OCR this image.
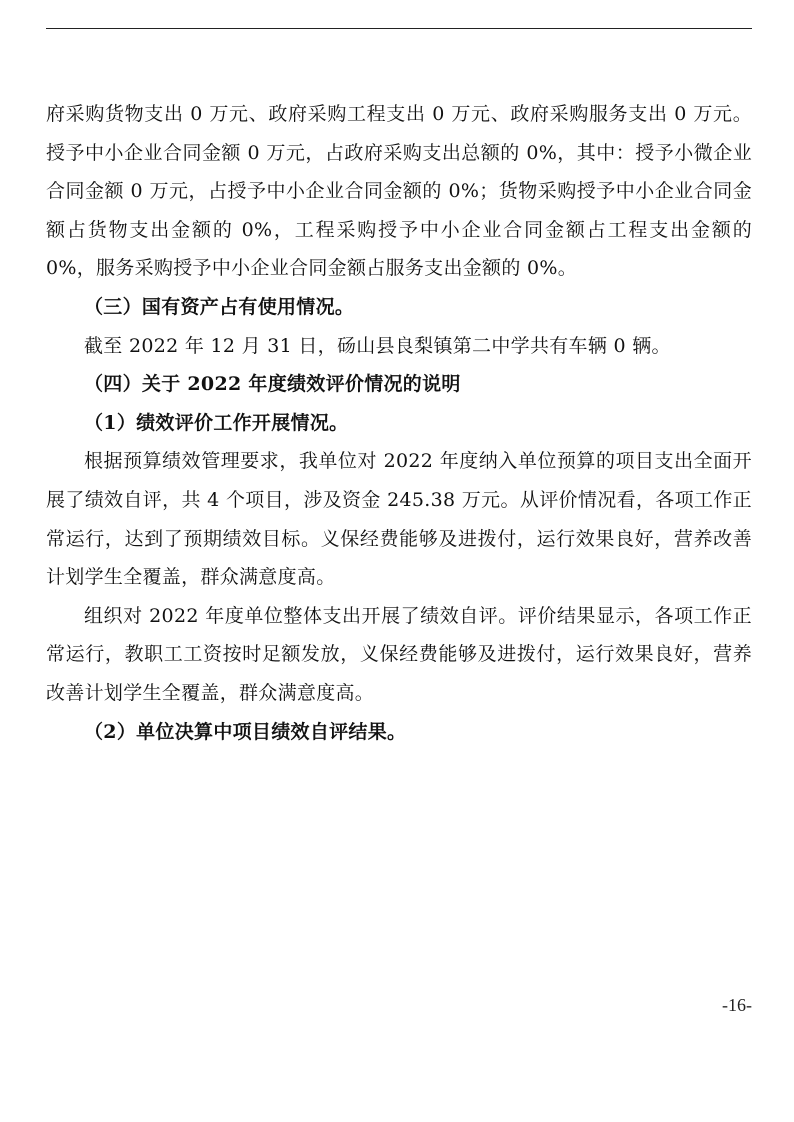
府采购货物支出 0 万元、政府采购工程支出 0 万元、政府采购服务支出 0 万元。授予中小企业合同金额 0 万元，占政府采购支出总额的 0%，其中：授予小微企业合同金额 0 万元，占授予中小企业合同金额的 0%；货物采购授予中小企业合同金额占货物支出金额的 0%，工程采购授予中小企业合同金额占工程支出金额的 0%，服务采购授予中小企业合同金额占服务支出金额的 0%。

（三）国有资产占有使用情况。

截至 2022 年 12 月 31 日，砀山县良梨镇第二中学共有车辆 0 辆。

（四）关于 2022 年度绩效评价情况的说明

（1）绩效评价工作开展情况。

根据预算绩效管理要求，我单位对 2022 年度纳入单位预算的项目支出全面开展了绩效自评，共 4 个项目，涉及资金 245.38 万元。从评价情况看，各项工作正常运行，达到了预期绩效目标。义保经费能够及进拨付，运行效果良好，营养改善计划学生全覆盖，群众满意度高。

组织对 2022 年度单位整体支出开展了绩效自评。评价结果显示，各项工作正常运行，教职工工资按时足额发放，义保经费能够及进拨付，运行效果良好，营养改善计划学生全覆盖，群众满意度高。

（2）单位决算中项目绩效自评结果。

-16-
